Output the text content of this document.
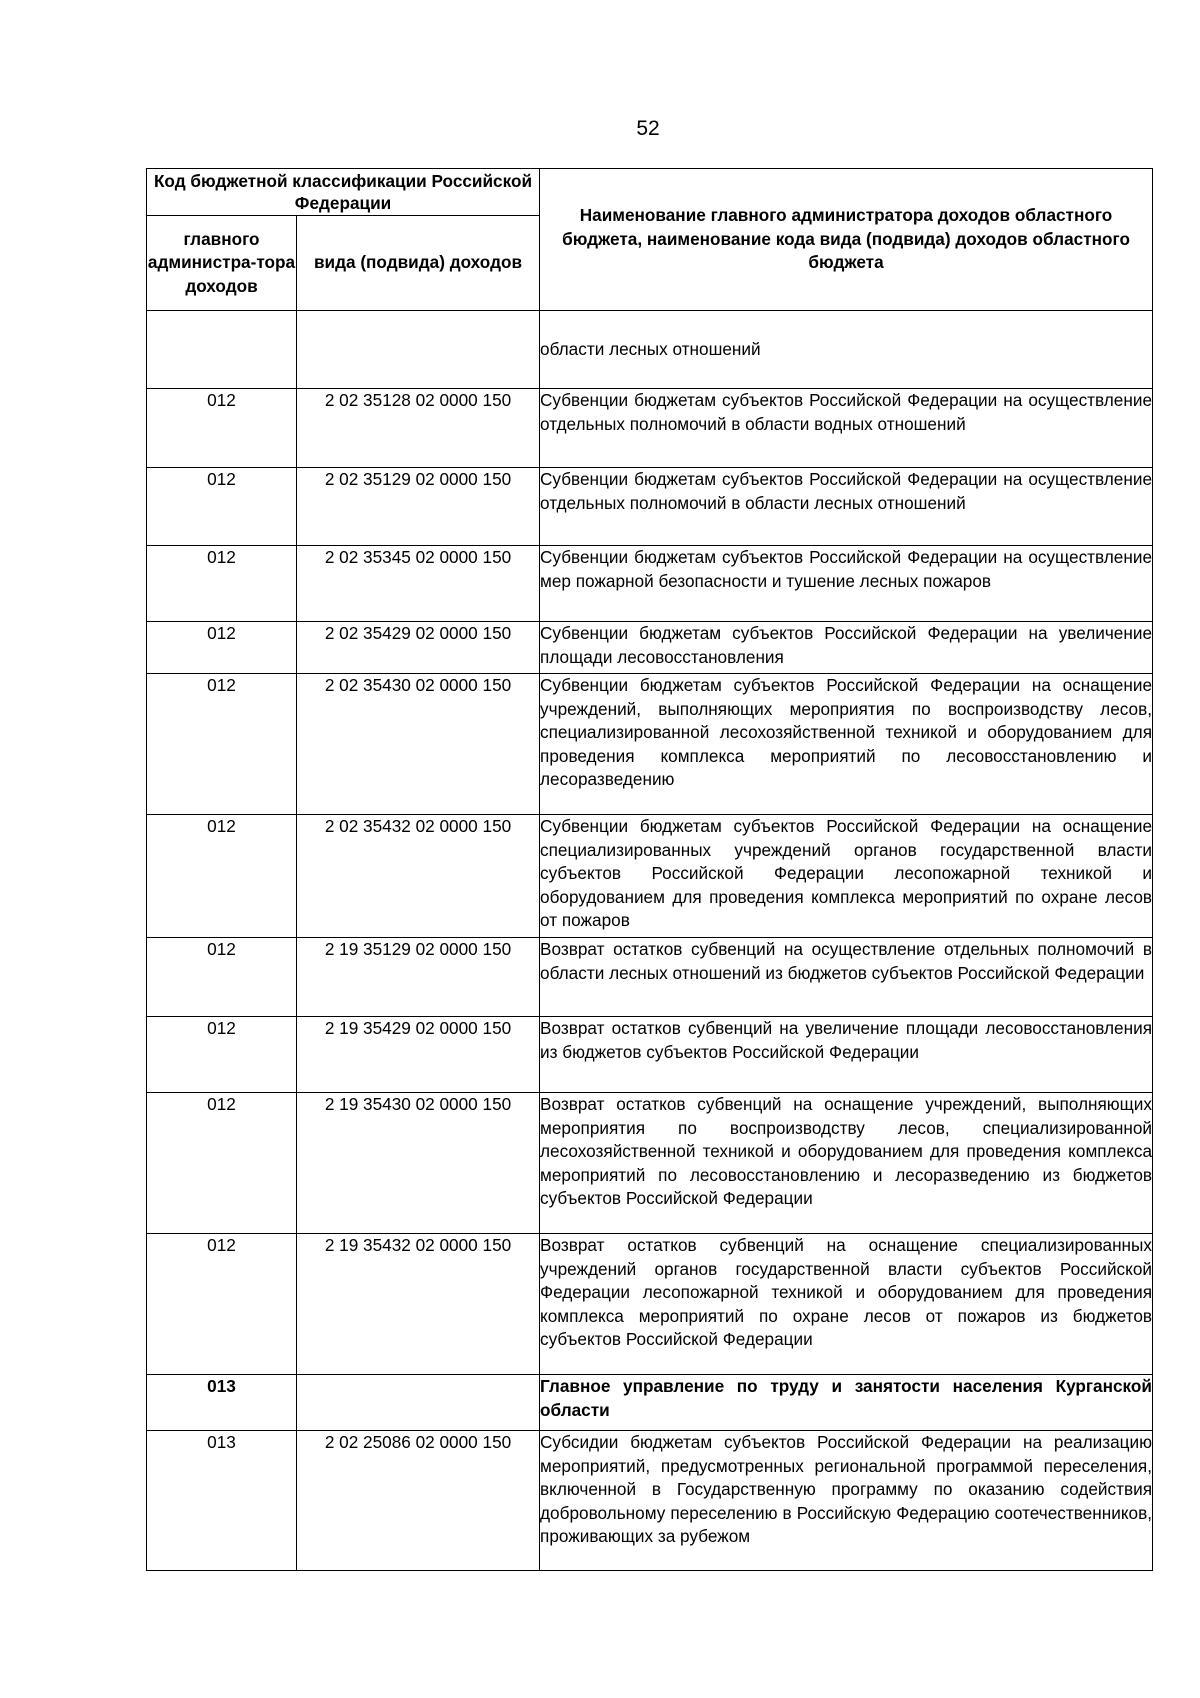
52
Код бюджетной классификации Российской Федерации		Наименование главного администратора доходов областного бюджета, наименование кода вида (подвида) доходов областного бюджета
главного администра-тора доходов	вида (подвида) доходов	
		области лесных отношений
012	2 02 35128 02 0000 150	Субвенции бюджетам субъектов Российской Федерации на осуществление отдельных полномочий в области водных отношений
012	2 02 35129 02 0000 150	Субвенции бюджетам субъектов Российской Федерации на осуществление отдельных полномочий в области лесных отношений
012	2 02 35345 02 0000 150	Субвенции бюджетам субъектов Российской Федерации на осуществление мер пожарной безопасности и тушение лесных пожаров
012	2 02 35429 02 0000 150	Субвенции бюджетам субъектов Российской Федерации на увеличение площади лесовосстановления
012	2 02 35430 02 0000 150	Субвенции бюджетам субъектов Российской Федерации на оснащение учреждений, выполняющих мероприятия по воспроизводству лесов, специализированной лесохозяйственной техникой и оборудованием для проведения комплекса мероприятий по лесовосстановлению и лесоразведению
012	2 02 35432 02 0000 150	Субвенции бюджетам субъектов Российской Федерации на оснащение специализированных учреждений органов государственной власти субъектов Российской Федерации лесопожарной техникой и оборудованием для проведения комплекса мероприятий по охране лесов от пожаров
012	2 19 35129 02 0000 150	Возврат остатков субвенций на осуществление отдельных полномочий в области лесных отношений из бюджетов субъектов Российской Федерации
012	2 19 35429 02 0000 150	Возврат остатков субвенций на увеличение площади лесовосстановления из бюджетов субъектов Российской Федерации
012	2 19 35430 02 0000 150	Возврат остатков субвенций на оснащение учреждений, выполняющих мероприятия по воспроизводству лесов, специализированной лесохозяйственной техникой и оборудованием для проведения комплекса мероприятий по лесовосстановлению и лесоразведению из бюджетов субъектов Российской Федерации
012	2 19 35432 02 0000 150	Возврат остатков субвенций на оснащение специализированных учреждений органов государственной власти субъектов Российской Федерации лесопожарной техникой и оборудованием для проведения комплекса мероприятий по охране лесов от пожаров из бюджетов субъектов Российской Федерации
013		Главное управление по труду и занятости населения Курганской области
013	2 02 25086 02 0000 150	Субсидии бюджетам субъектов Российской Федерации на реализацию мероприятий, предусмотренных региональной программой переселения, включенной в Государственную программу по оказанию содействия добровольному переселению в Российскую Федерацию соотечественников, проживающих за рубежом
